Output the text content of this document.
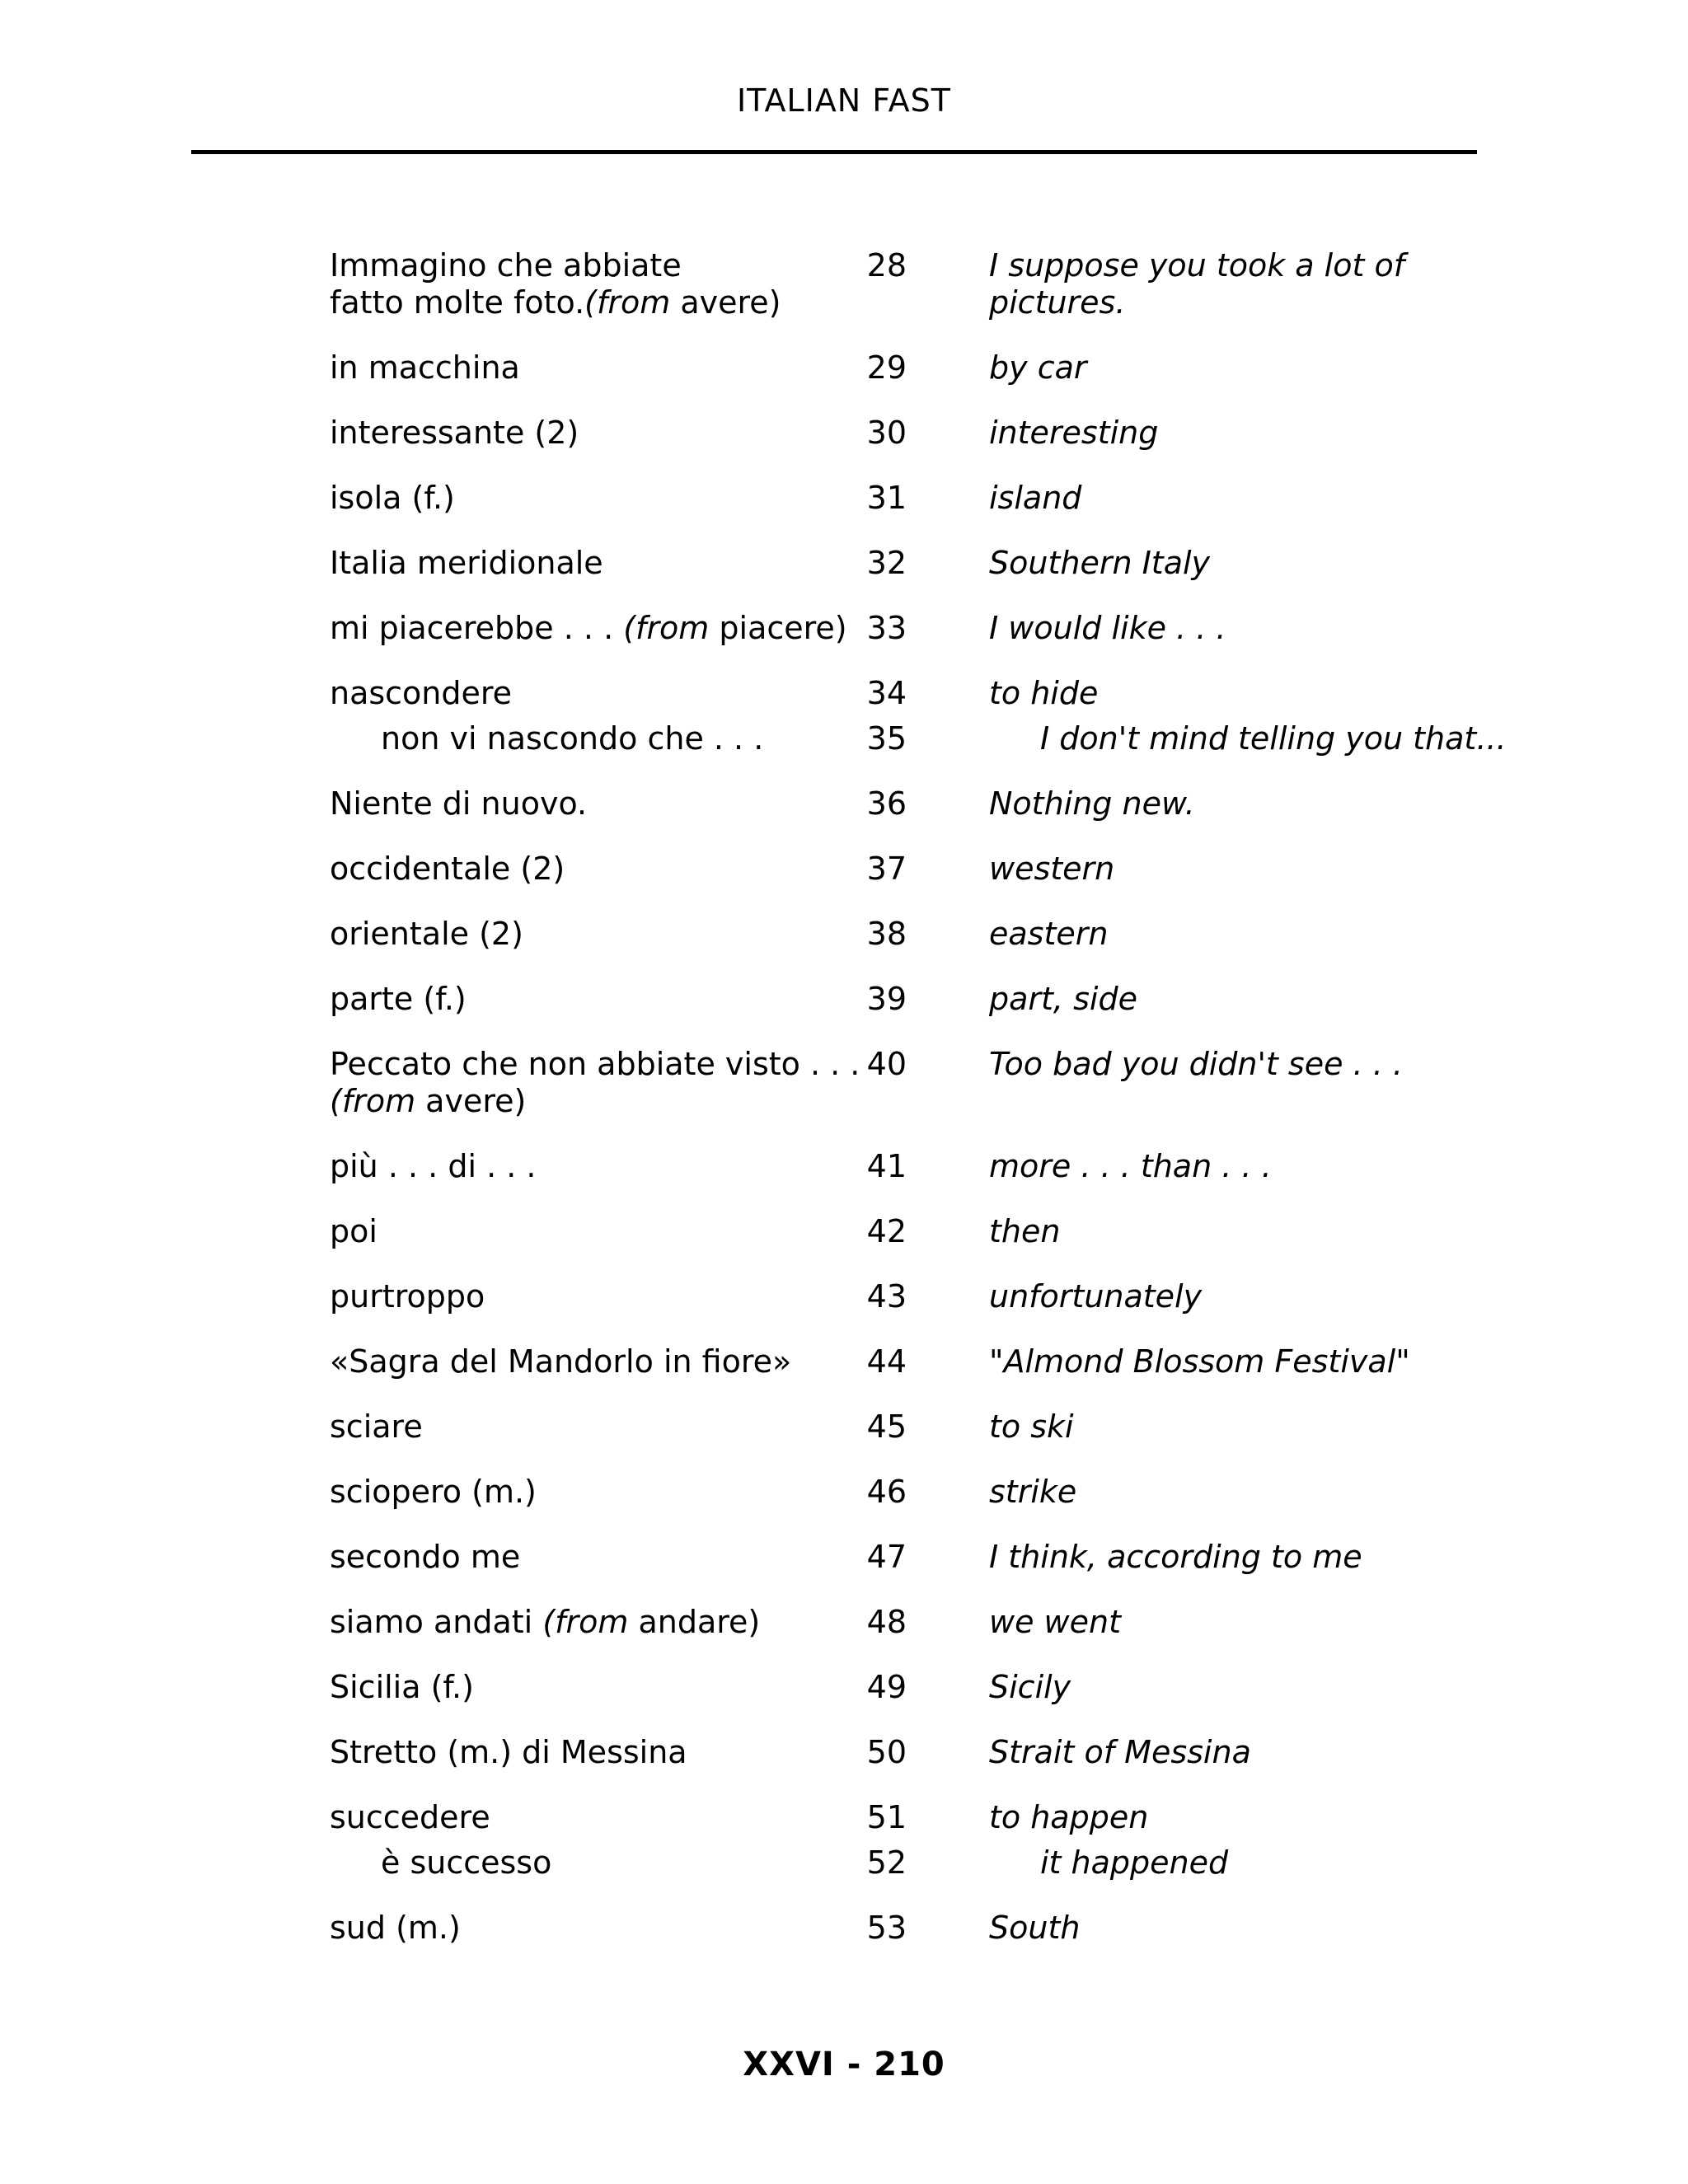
ITALIAN FAST
Immagino che abbiate	28	I suppose you took a lot of
fatto molte foto.(from avere)	pictures.
in macchina	29	by car
interessante (2)	30	interesting
isola (f.)	31	island
Italia meridionale	32	Southern Italy
mi piacerebbe . . . (from piacere) 33	I would like . . .
nascondere	34	to hide
non vi nascondo che . . .	35	I don't mind telling you that...
Niente di nuovo.	36	Nothing new.
occidentale (2)	37	western
orientale (2)	38	eastern
parte (f.)	39	part, side
Peccato che non abbiate visto . . . 40	Too bad you didn't see . . .
(from avere)
più . . . di . . .	41	more . . . than . . .
poi	42	then
purtroppo	43	unfortunately
«Sagra del Mandorlo in fiore»	44	"Almond Blossom Festival"
sciare	45	to ski
sciopero (m.)	46	strike
secondo me	47	I think, according to me
siamo andati (from andare)	48	we went
Sicilia (f.)	49	Sicily
Stretto (m.) di Messina	50	Strait of Messina
succedere	51	to happen
è successo	52	it happened
sud (m.)	53	South
XXVI - 210
